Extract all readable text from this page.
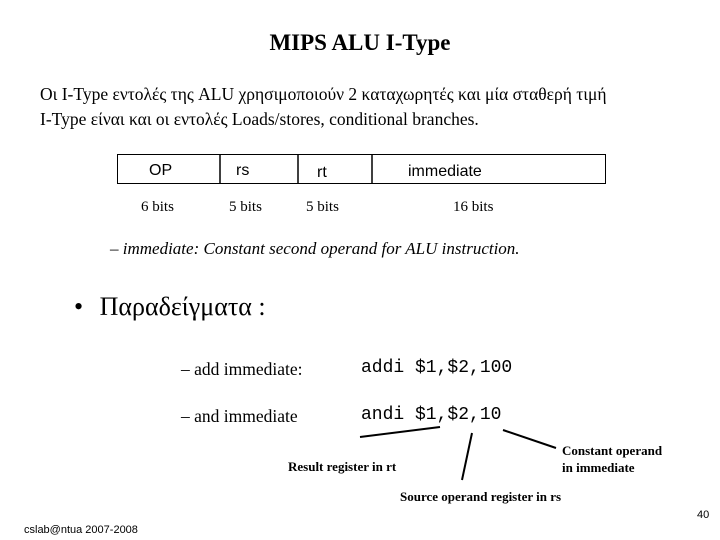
MIPS ALU I-Type
Οι I-Type εντολές της ALU χρησιμοποιούν 2 καταχωρητές και μία σταθερή τιμή
I-Type είναι και οι εντολές Loads/stores, conditional branches.
OP	rs	rt	immediate
6 bits	5 bits	5 bits	16 bits
– immediate: Constant second operand for ALU instruction.
• Παραδείγματα :
– add immediate:	addi $1,$2,100
– and immediate	andi $1,$2,10
Result register in rt
Source operand register in rs
Constant operand
in immediate
cslab@ntua 2007-2008
40
